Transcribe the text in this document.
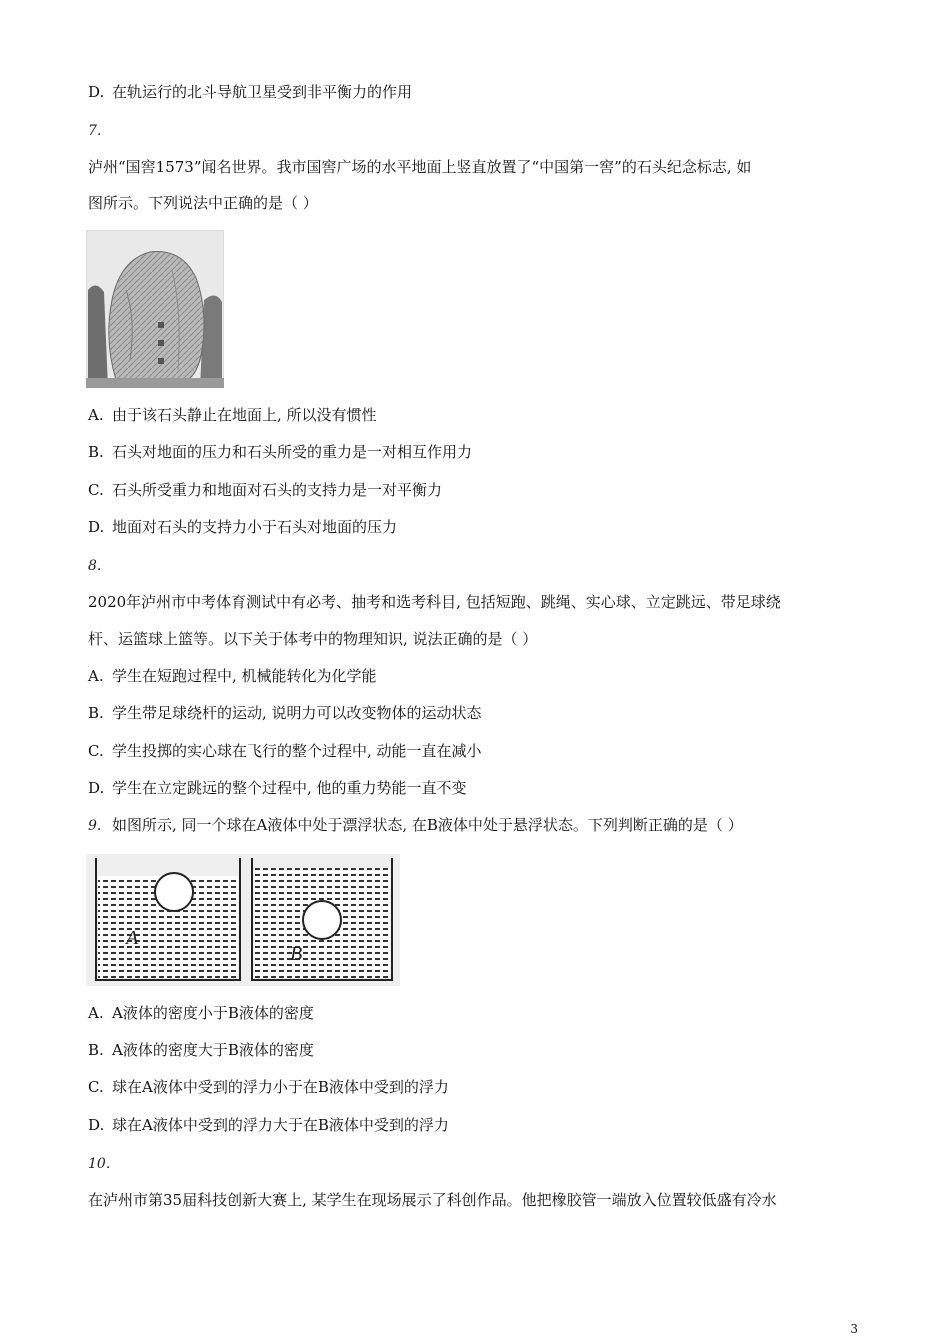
D. 在轨运行的北斗导航卫星受到非平衡力的作用
7.
泸州“国窖1573”闻名世界。我市国窖广场的水平地面上竖直放置了“中国第一窖”的石头纪念标志, 如
图所示。下列说法中正确的是（ ）
A. 由于该石头静止在地面上, 所以没有惯性
B. 石头对地面的压力和石头所受的重力是一对相互作用力
C. 石头所受重力和地面对石头的支持力是一对平衡力
D. 地面对石头的支持力小于石头对地面的压力
8.
2020年泸州市中考体育测试中有必考、抽考和选考科目, 包括短跑、跳绳、实心球、立定跳远、带足球绕
杆、运篮球上篮等。以下关于体考中的物理知识, 说法正确的是（ ）
A. 学生在短跑过程中, 机械能转化为化学能
B. 学生带足球绕杆的运动, 说明力可以改变物体的运动状态
C. 学生投掷的实心球在飞行的整个过程中, 动能一直在减小
D. 学生在立定跳远的整个过程中, 他的重力势能一直不变
9. 如图所示, 同一个球在A液体中处于漂浮状态, 在B液体中处于悬浮状态。下列判断正确的是（ ）
A
B
A. A液体的密度小于B液体的密度
B. A液体的密度大于B液体的密度
C. 球在A液体中受到的浮力小于在B液体中受到的浮力
D. 球在A液体中受到的浮力大于在B液体中受到的浮力
10.
在泸州市第35届科技创新大赛上, 某学生在现场展示了科创作品。他把橡胶管一端放入位置较低盛有冷水
3
